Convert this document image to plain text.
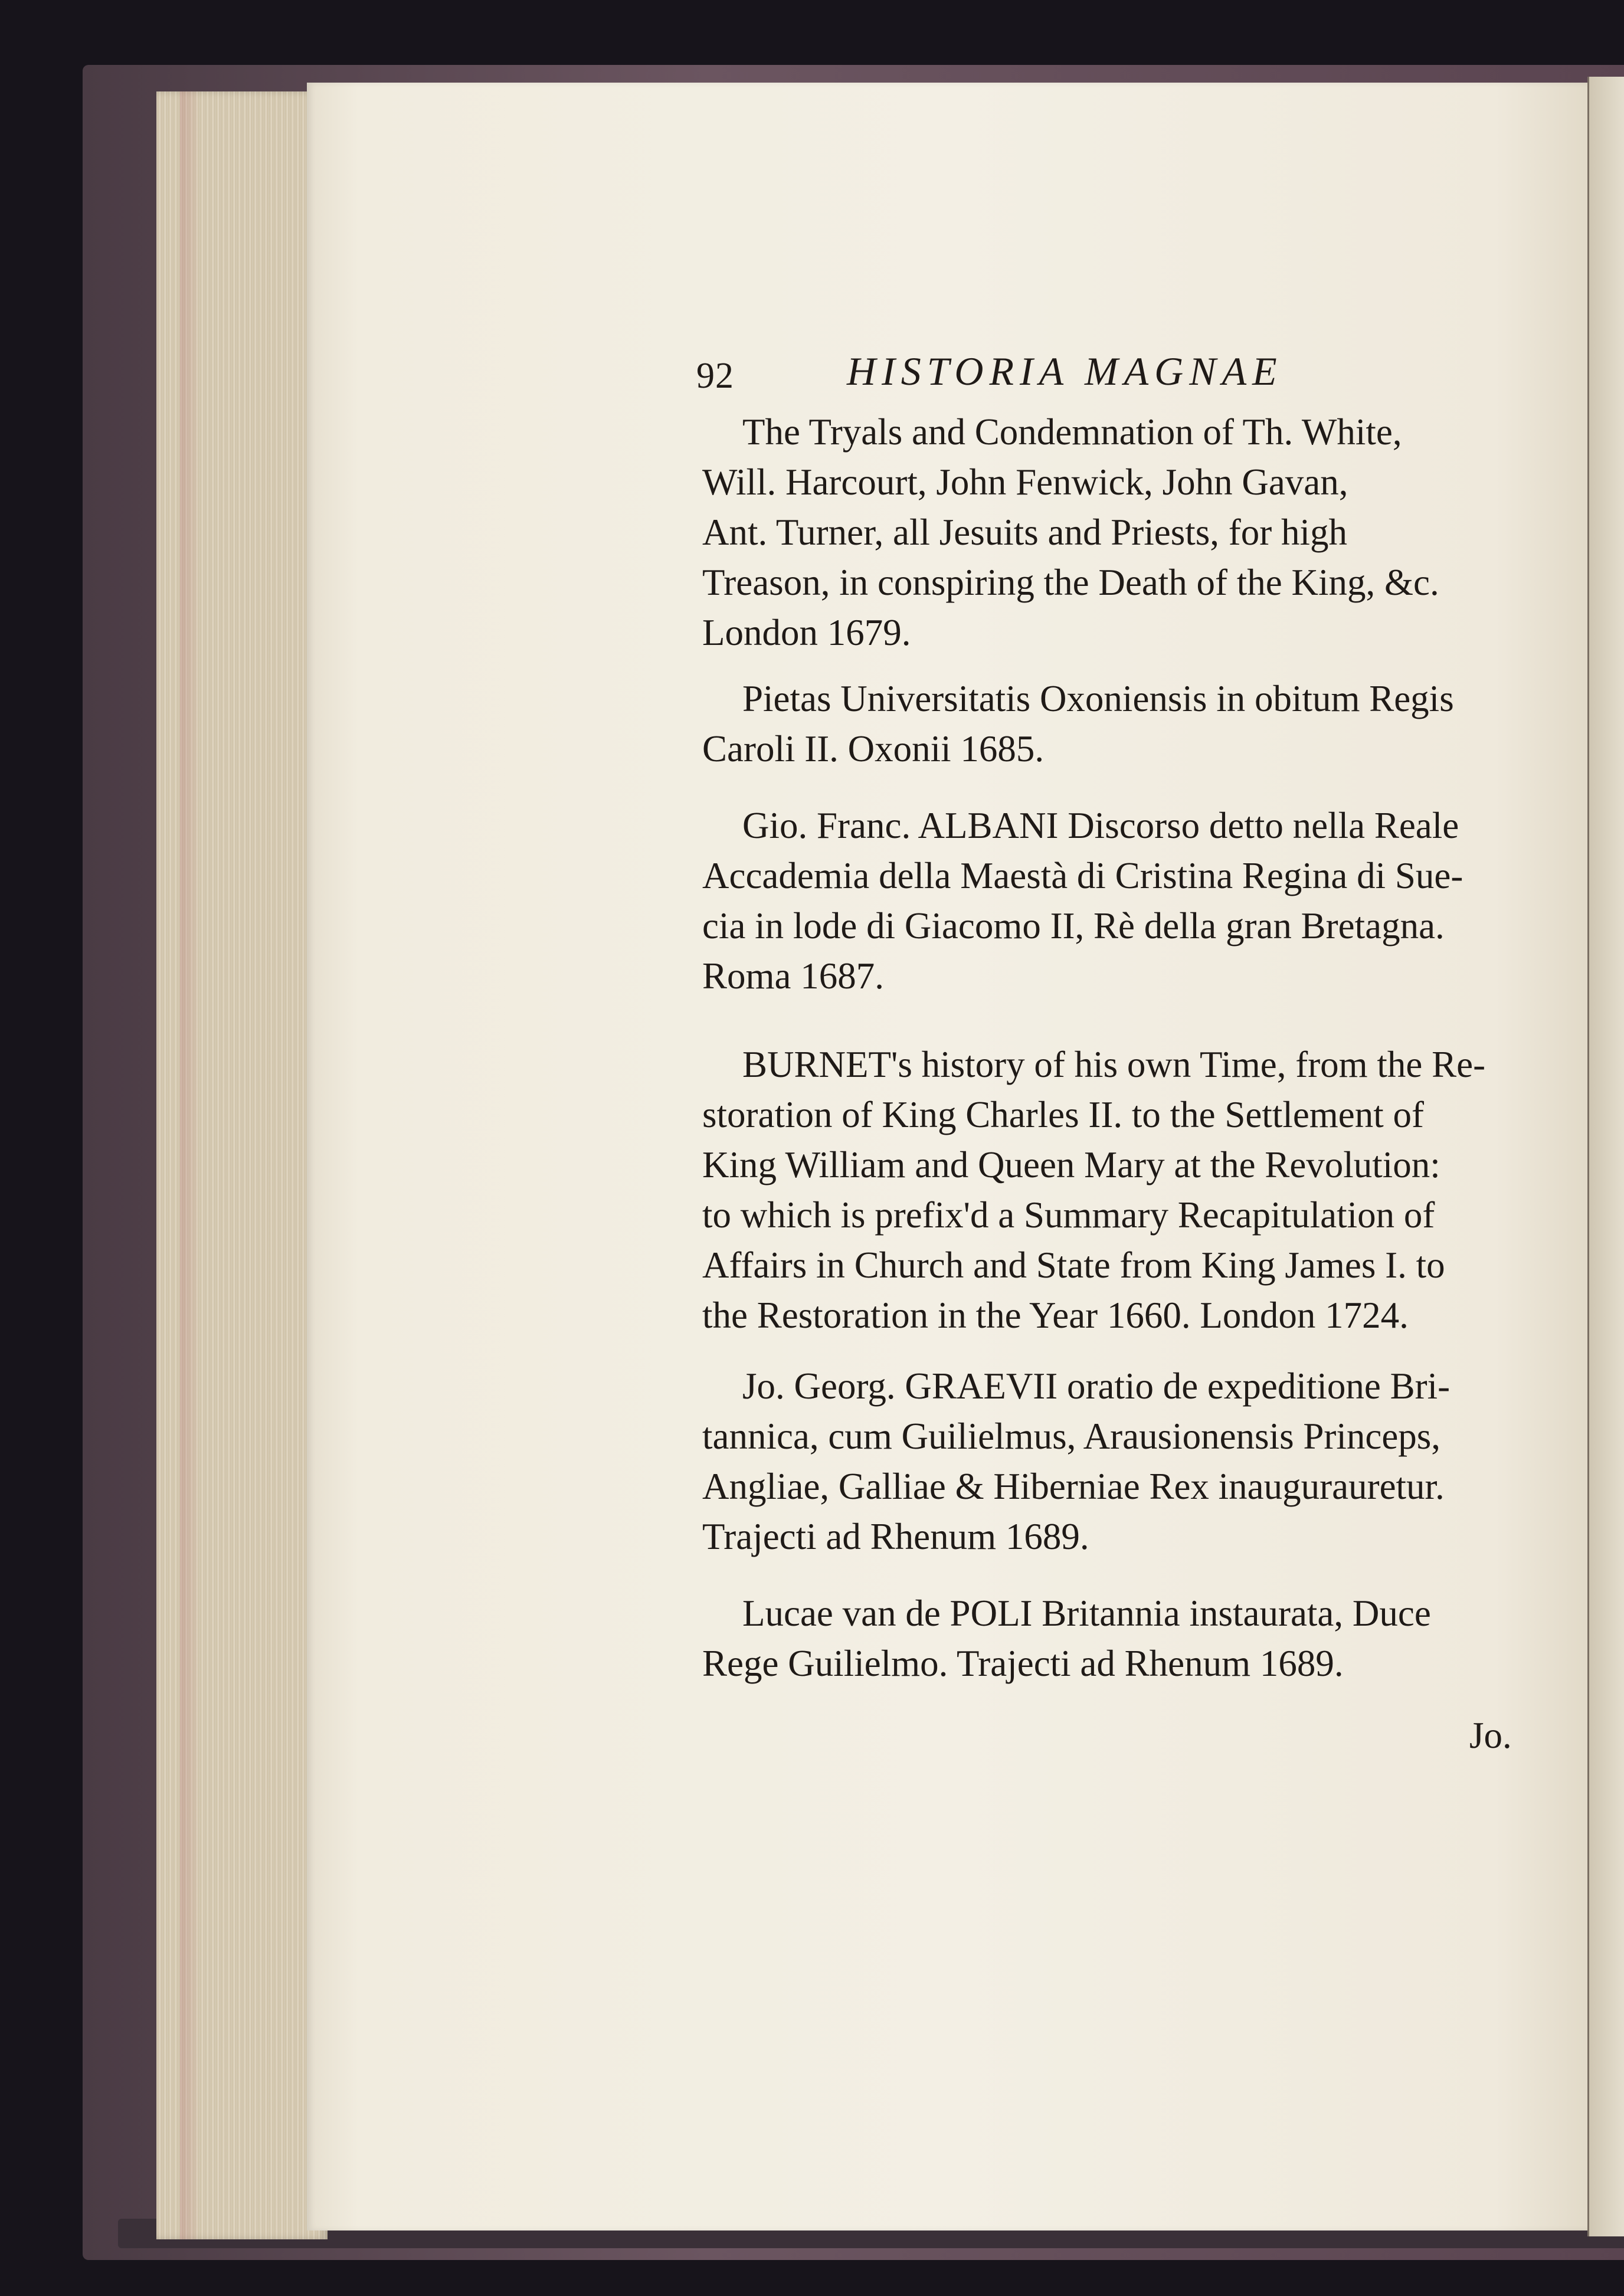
92	HISTORIA MAGNAE

The Tryals and Condemnation of Th. White,
Will. Harcourt, John Fenwick, John Gavan,
Ant. Turner, all Jesuits and Priests, for high
Treason, in conspiring the Death of the King, &c.
London 1679.

Pietas Universitatis Oxoniensis in obitum Regis
Caroli II. Oxonii 1685.

Gio. Franc. ALBANI Discorso detto nella Reale
Accademia della Maestà di Cristina Regina di Sue-
cia in lode di Giacomo II, Rè della gran Bretagna.
Roma 1687.

BURNET's history of his own Time, from the Re-
storation of King Charles II. to the Settlement of
King William and Queen Mary at the Revolution:
to which is prefix'd a Summary Recapitulation of
Affairs in Church and State from King James I. to
the Restoration in the Year 1660. London 1724.

Jo. Georg. GRAEVII oratio de expeditione Bri-
tannica, cum Guilielmus, Arausionensis Princeps,
Angliae, Galliae & Hiberniae Rex inaugurauretur.
Trajecti ad Rhenum 1689.

Lucae van de POLI Britannia instaurata, Duce
Rege Guilielmo. Trajecti ad Rhenum 1689.

Jo.
